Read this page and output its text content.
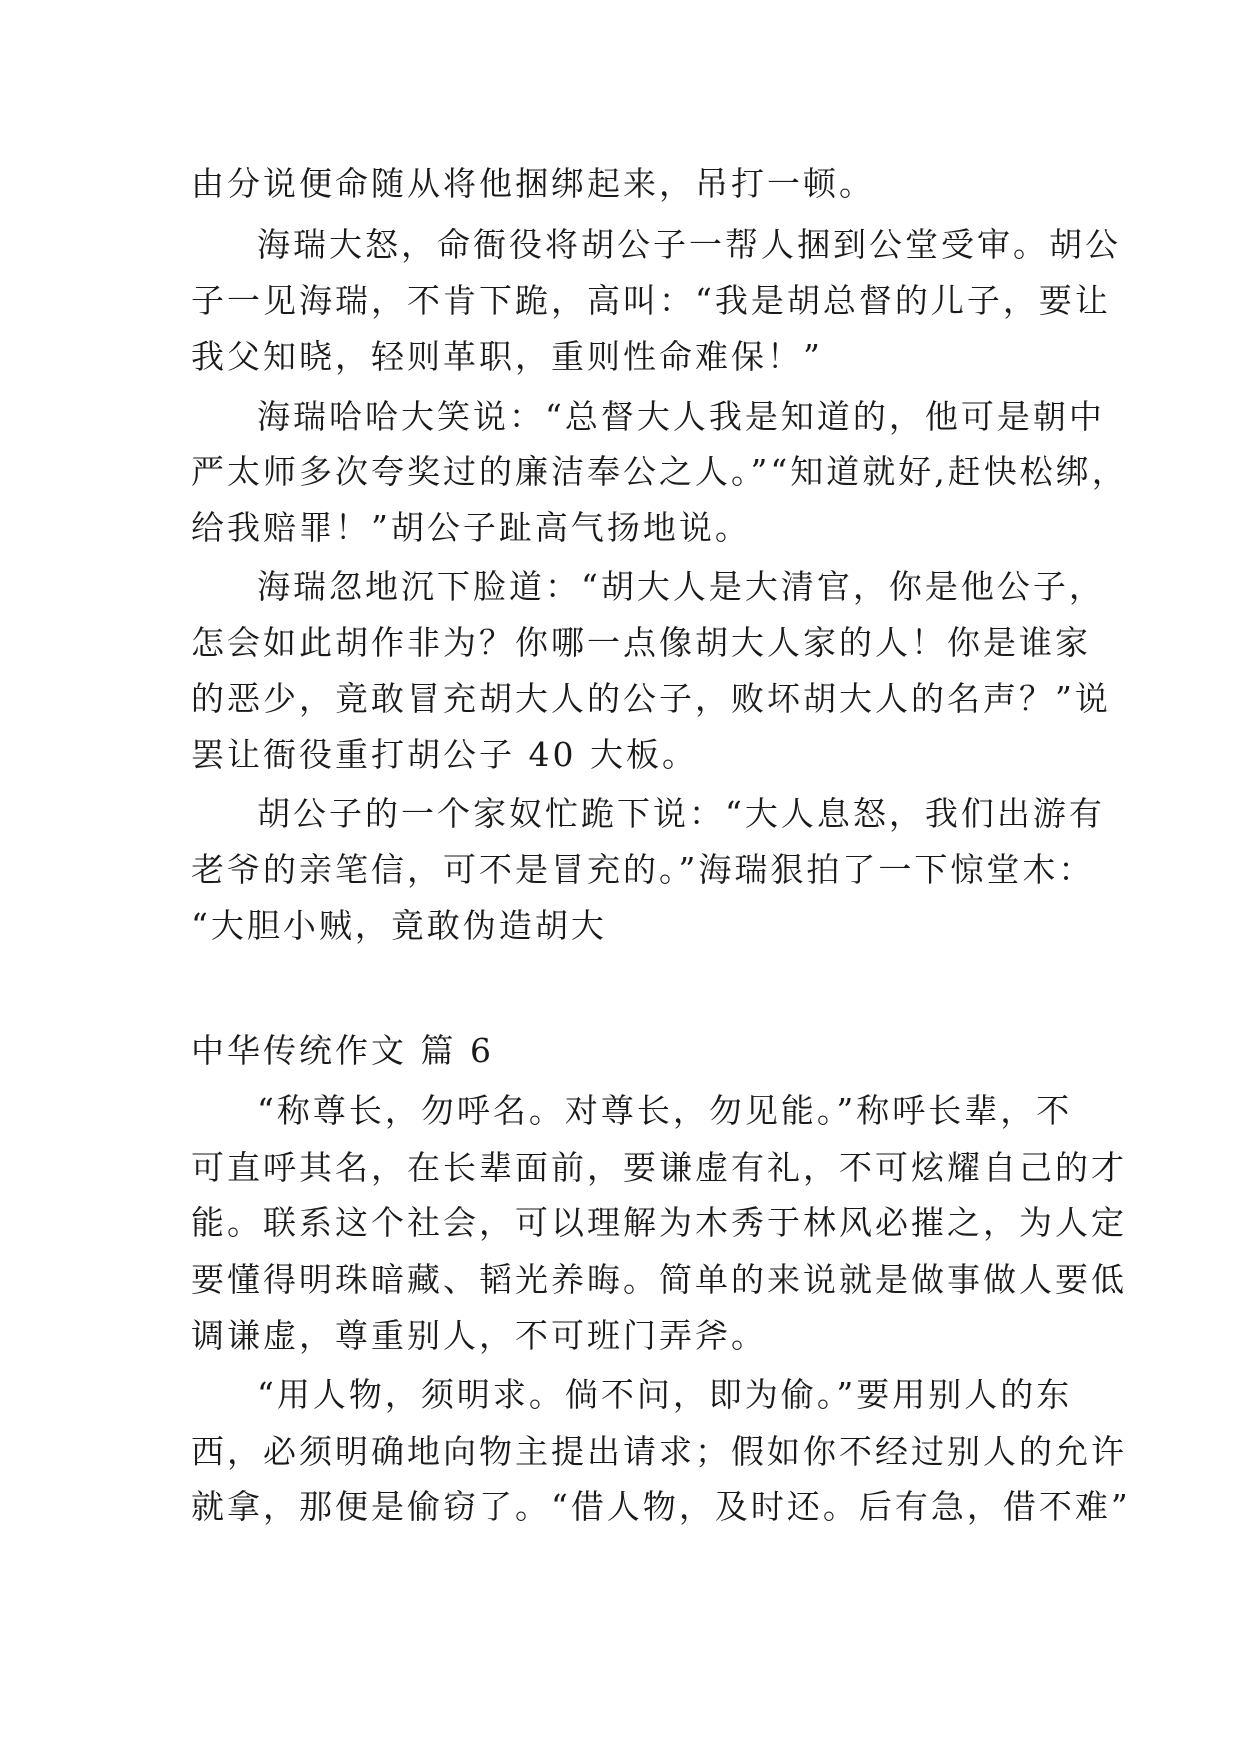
由分说便命随从将他捆绑起来，吊打一顿。
海瑞大怒，命衙役将胡公子一帮人捆到公堂受审。胡公
子一见海瑞，不肯下跪，高叫：“我是胡总督的儿子，要让
我父知晓，轻则革职，重则性命难保！”
海瑞哈哈大笑说：“总督大人我是知道的，他可是朝中
严太师多次夸奖过的廉洁奉公之人。”“知道就好,赶快松绑，
给我赔罪！”胡公子趾高气扬地说。
海瑞忽地沉下脸道：“胡大人是大清官，你是他公子，
怎会如此胡作非为？你哪一点像胡大人家的人！你是谁家
的恶少，竟敢冒充胡大人的公子，败坏胡大人的名声？”说
罢让衙役重打胡公子 40 大板。
胡公子的一个家奴忙跪下说：“大人息怒，我们出游有
老爷的亲笔信，可不是冒充的。”海瑞狠拍了一下惊堂木：
“大胆小贼，竟敢伪造胡大
中华传统作文 篇 6
“称尊长，勿呼名。对尊长，勿见能。”称呼长辈，不
可直呼其名，在长辈面前，要谦虚有礼，不可炫耀自己的才
能。联系这个社会，可以理解为木秀于林风必摧之，为人定
要懂得明珠暗藏、韬光养晦。简单的来说就是做事做人要低
调谦虚，尊重别人，不可班门弄斧。
“用人物，须明求。倘不问，即为偷。”要用别人的东
西，必须明确地向物主提出请求；假如你不经过别人的允许
就拿，那便是偷窃了。“借人物，及时还。后有急，借不难”
